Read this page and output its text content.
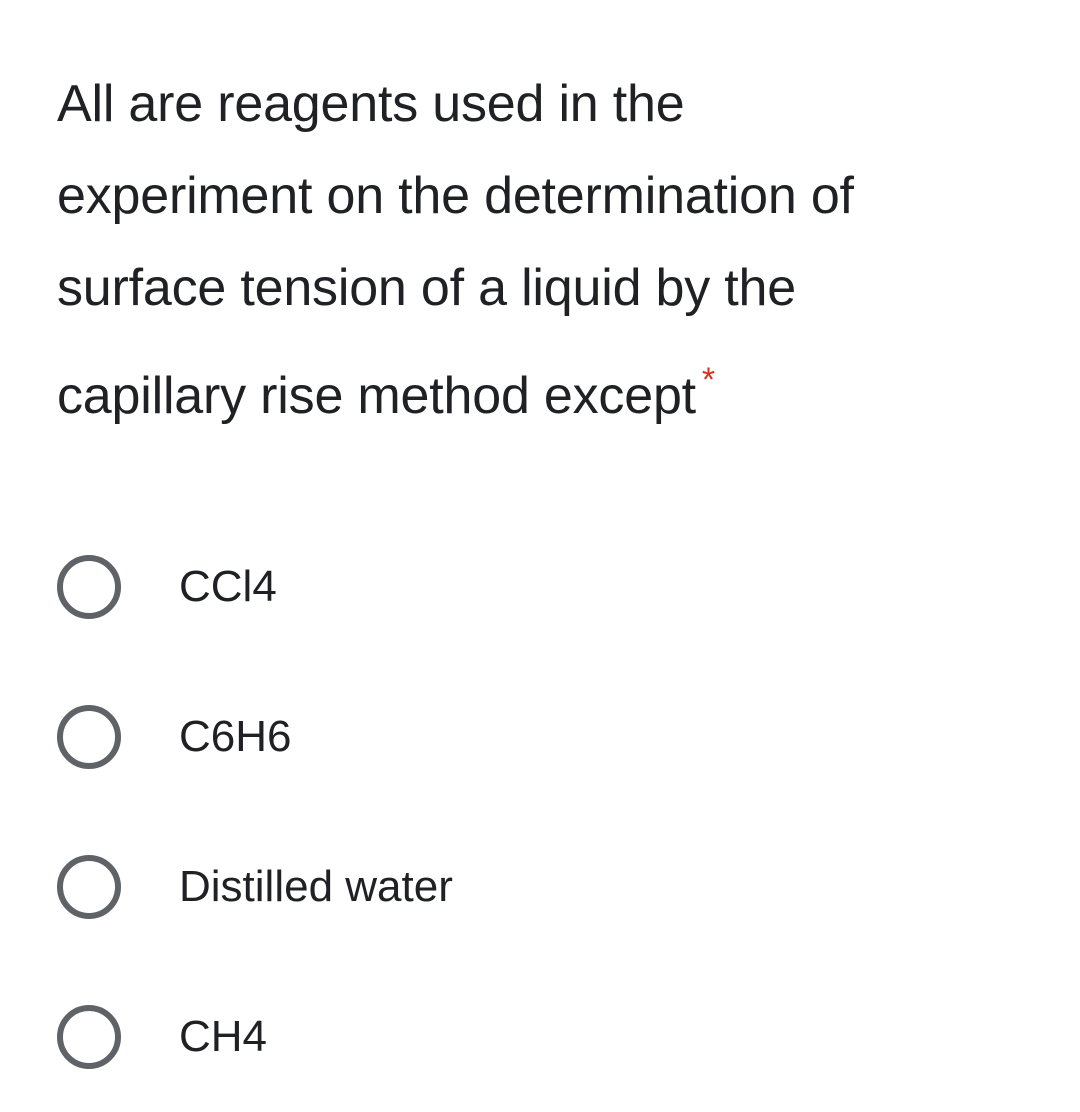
All are reagents used in the
experiment on the determination of
surface tension of a liquid by the
capillary rise method except *
CCl4
C6H6
Distilled water
CH4
